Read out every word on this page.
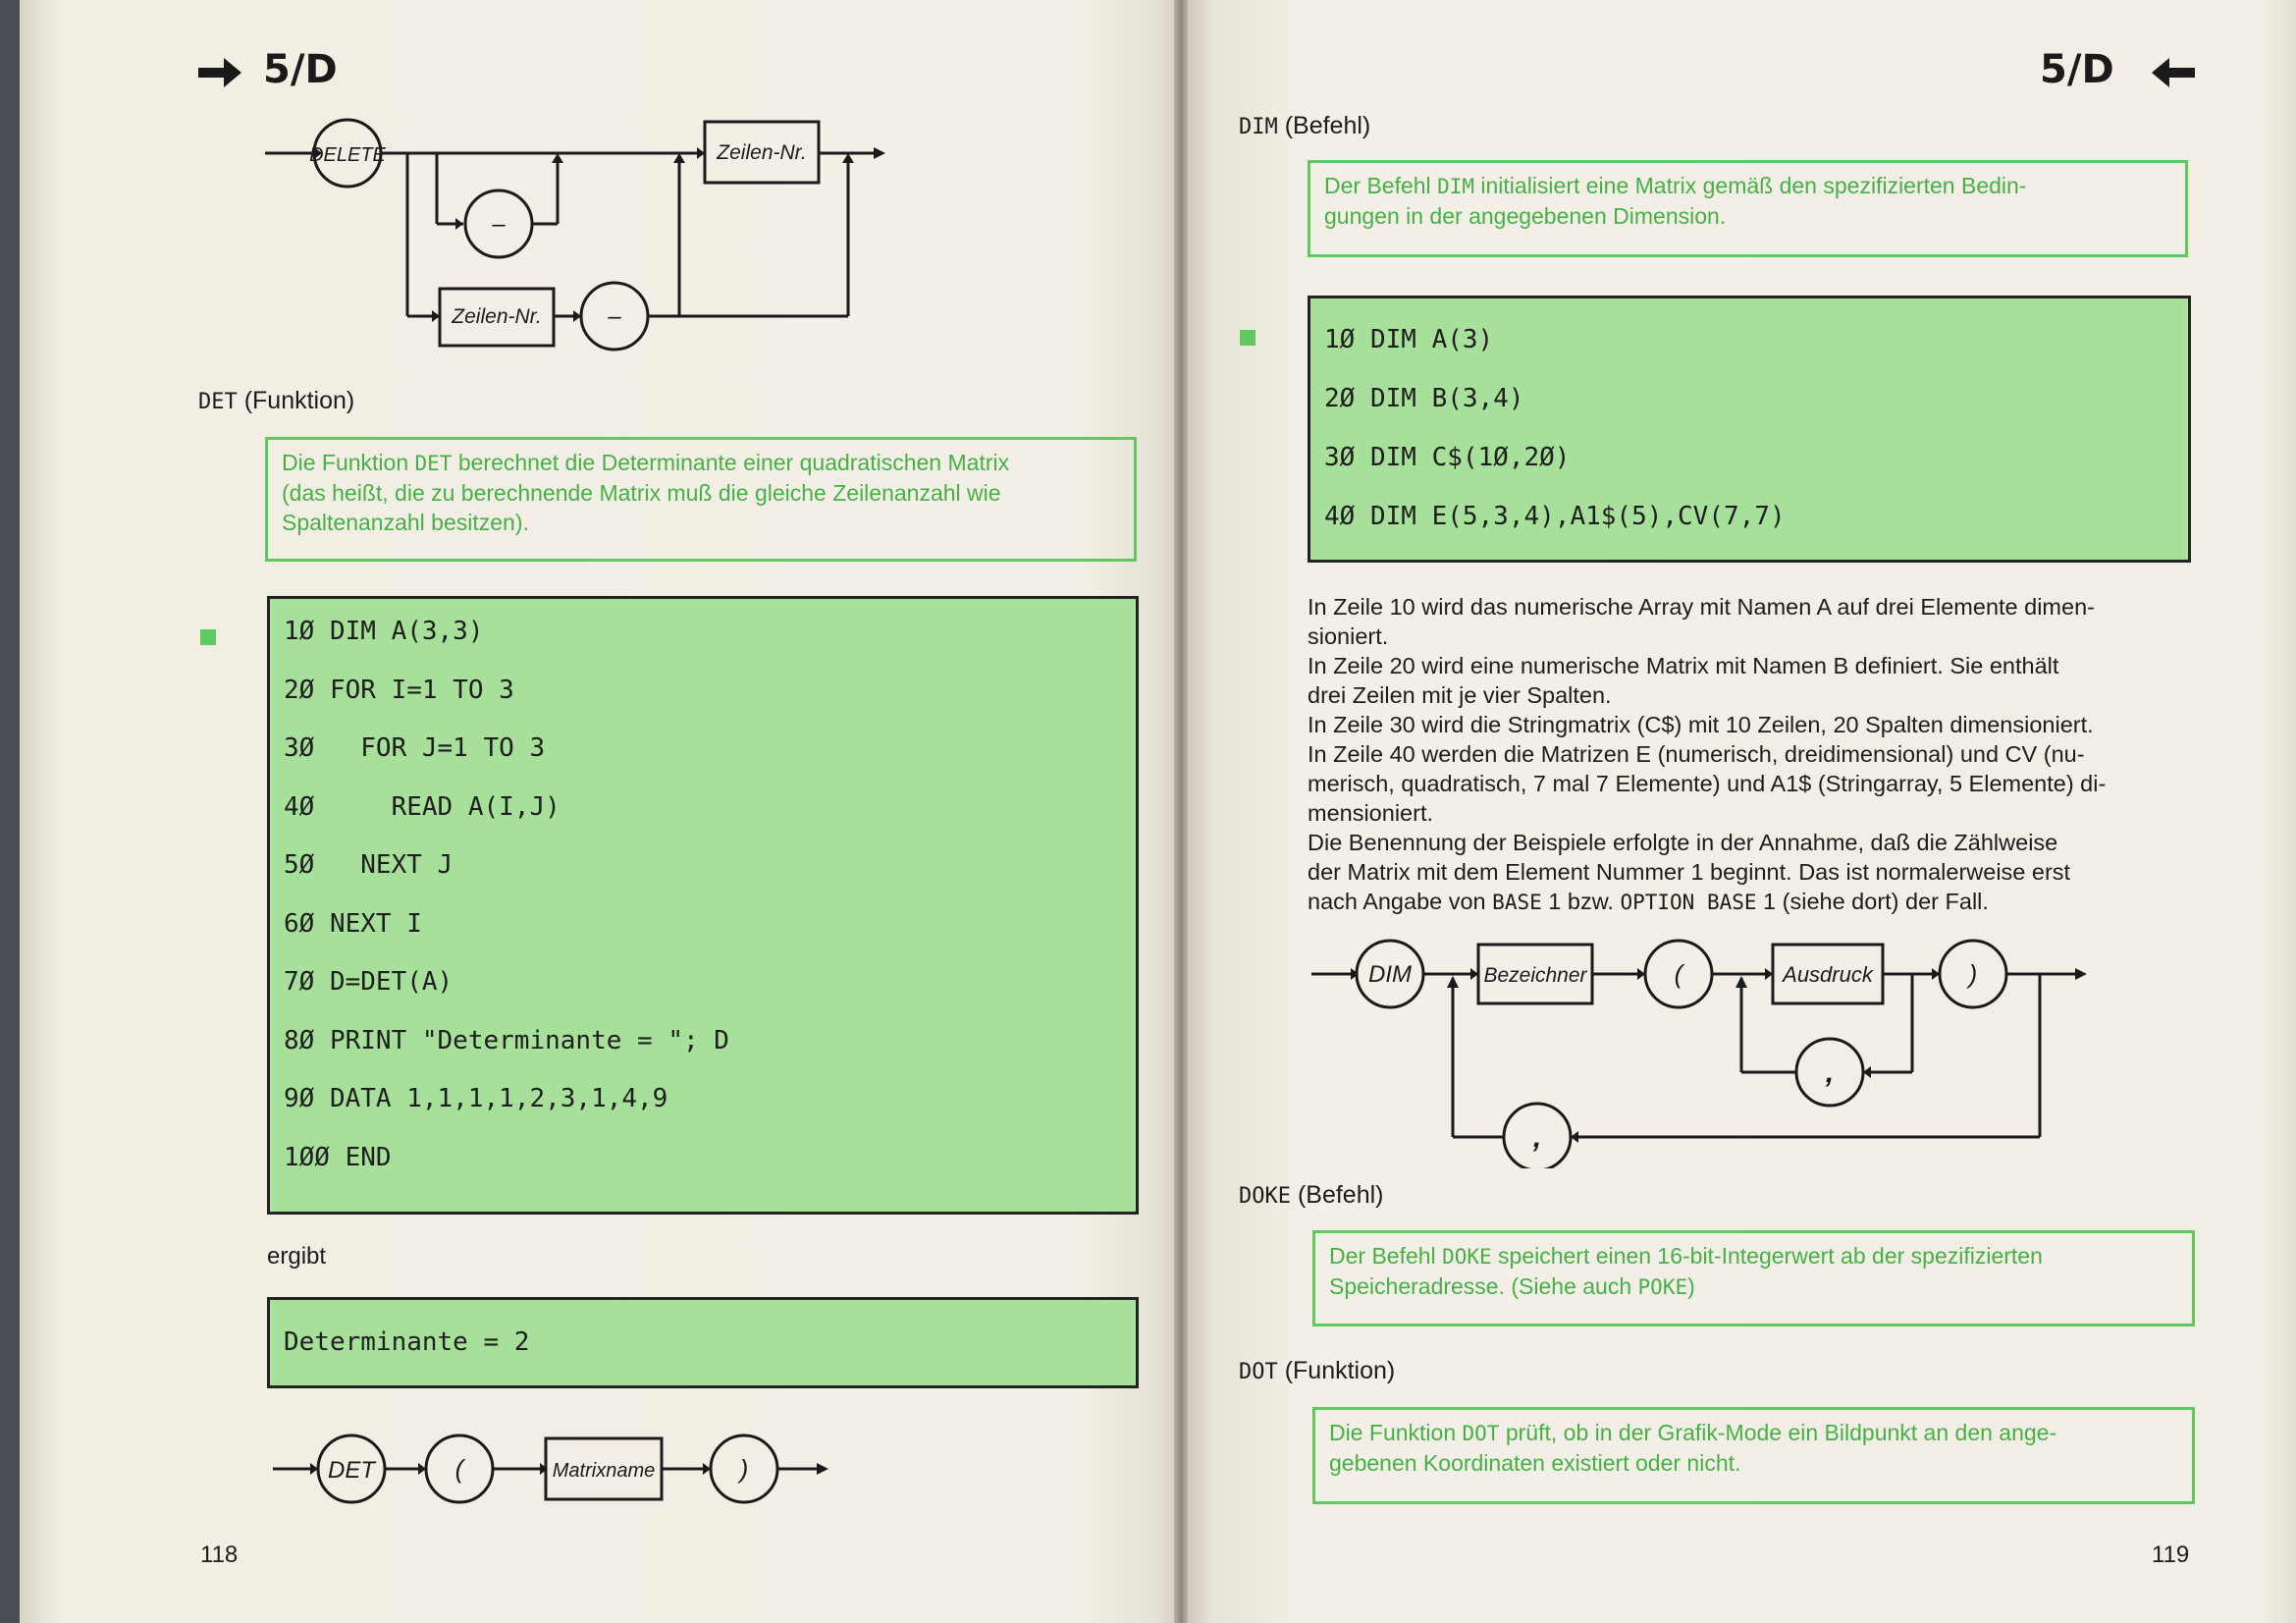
5/D
DELETE
–
Zeilen-Nr.
Zeilen-Nr.	–
DET (Funktion)
Die Funktion DET berechnet die Determinante einer quadratischen Matrix
(das heißt, die zu berechnende Matrix muß die gleiche Zeilenanzahl wie
Spaltenanzahl besitzen).
1Ø DIM A(3,3)
2Ø FOR I=1 TO 3
3Ø   FOR J=1 TO 3
4Ø     READ A(I,J)
5Ø   NEXT J
6Ø NEXT I
7Ø D=DET(A)
8Ø PRINT "Determinante = "; D
9Ø DATA 1,1,1,1,2,3,1,4,9
1ØØ END
ergibt
Determinante = 2
DET	(	Matrixname	)
118
5/D
DIM (Befehl)
Der Befehl DIM initialisiert eine Matrix gemäß den spezifizierten Bedin-
gungen in der angegebenen Dimension.
1Ø DIM A(3)
2Ø DIM B(3,4)
3Ø DIM C$(1Ø,2Ø)
4Ø DIM E(5,3,4),A1$(5),CV(7,7)
In Zeile 10 wird das numerische Array mit Namen A auf drei Elemente dimen-
sioniert.
In Zeile 20 wird eine numerische Matrix mit Namen B definiert. Sie enthält
drei Zeilen mit je vier Spalten.
In Zeile 30 wird die Stringmatrix (C$) mit 10 Zeilen, 20 Spalten dimensioniert.
In Zeile 40 werden die Matrizen E (numerisch, dreidimensional) und CV (nu-
merisch, quadratisch, 7 mal 7 Elemente) und A1$ (Stringarray, 5 Elemente) di-
mensioniert.
Die Benennung der Beispiele erfolgte in der Annahme, daß die Zählweise
der Matrix mit dem Element Nummer 1 beginnt. Das ist normalerweise erst
nach Angabe von BASE 1 bzw. OPTION BASE 1 (siehe dort) der Fall.
DIM	Bezeichner	(	Ausdruck	)
,
,
DOKE (Befehl)
Der Befehl DOKE speichert einen 16-bit-Integerwert ab der spezifizierten
Speicheradresse. (Siehe auch POKE)
DOT (Funktion)
Die Funktion DOT prüft, ob in der Grafik-Mode ein Bildpunkt an den ange-
gebenen Koordinaten existiert oder nicht.
119
